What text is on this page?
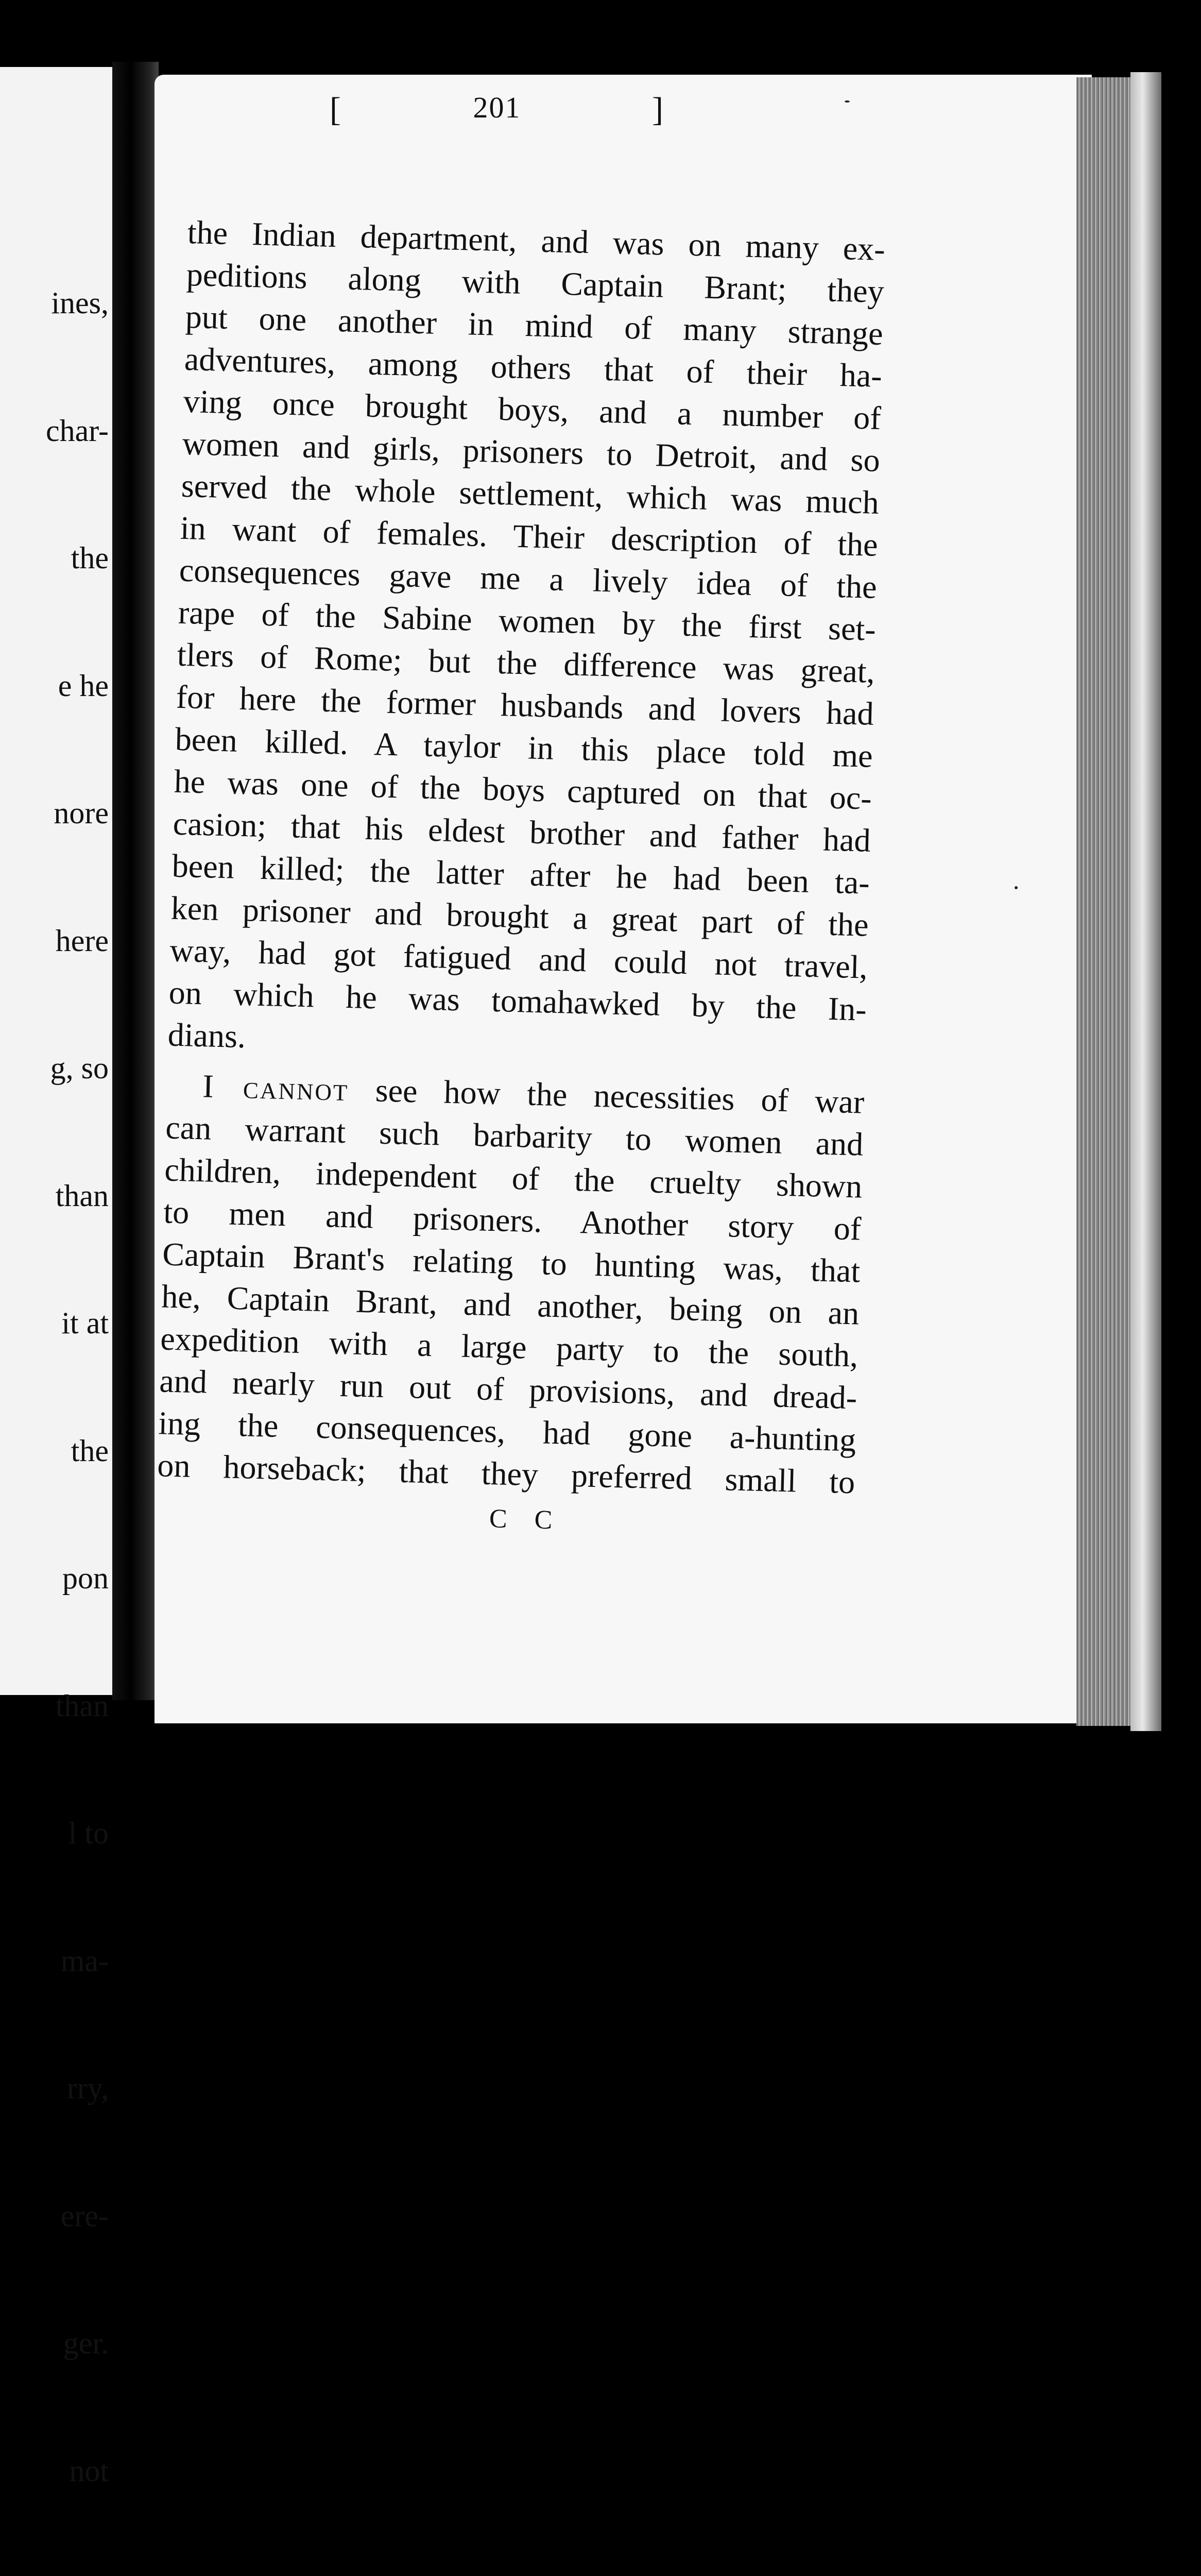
ines,

char-

the

e he

nore

here

g, so

than

it at

the

pon

than

l to

ma-

rry,

ere-

ger.

not

[	201	]
the Indian department, and was on many ex-
peditions along with Captain Brant; they
put one another in mind of many strange
adventures, among others that of their ha-
ving once brought boys, and a number of
women and girls, prisoners to Detroit, and so
served the whole settlement, which was much
in want of females. Their description of the
consequences gave me a lively idea of the
rape of the Sabine women by the first set-
tlers of Rome; but the difference was great,
for here the former husbands and lovers had
been killed. A taylor in this place told me
he was one of the boys captured on that oc-
casion; that his eldest brother and father had
been killed; the latter after he had been ta-
ken prisoner and brought a great part of the
way, had got fatigued and could not travel,
on which he was tomahawked by the In-
dians.
I cannot see how the necessities of war
can warrant such barbarity to women and
children, independent of the cruelty shown
to men and prisoners. Another story of
Captain Brant's relating to hunting was, that
he, Captain Brant, and another, being on an
expedition with a large party to the south,
and nearly run out of provisions, and dread-
ing the consequences, had gone a-hunting
on horseback; that they preferred small to
C C
